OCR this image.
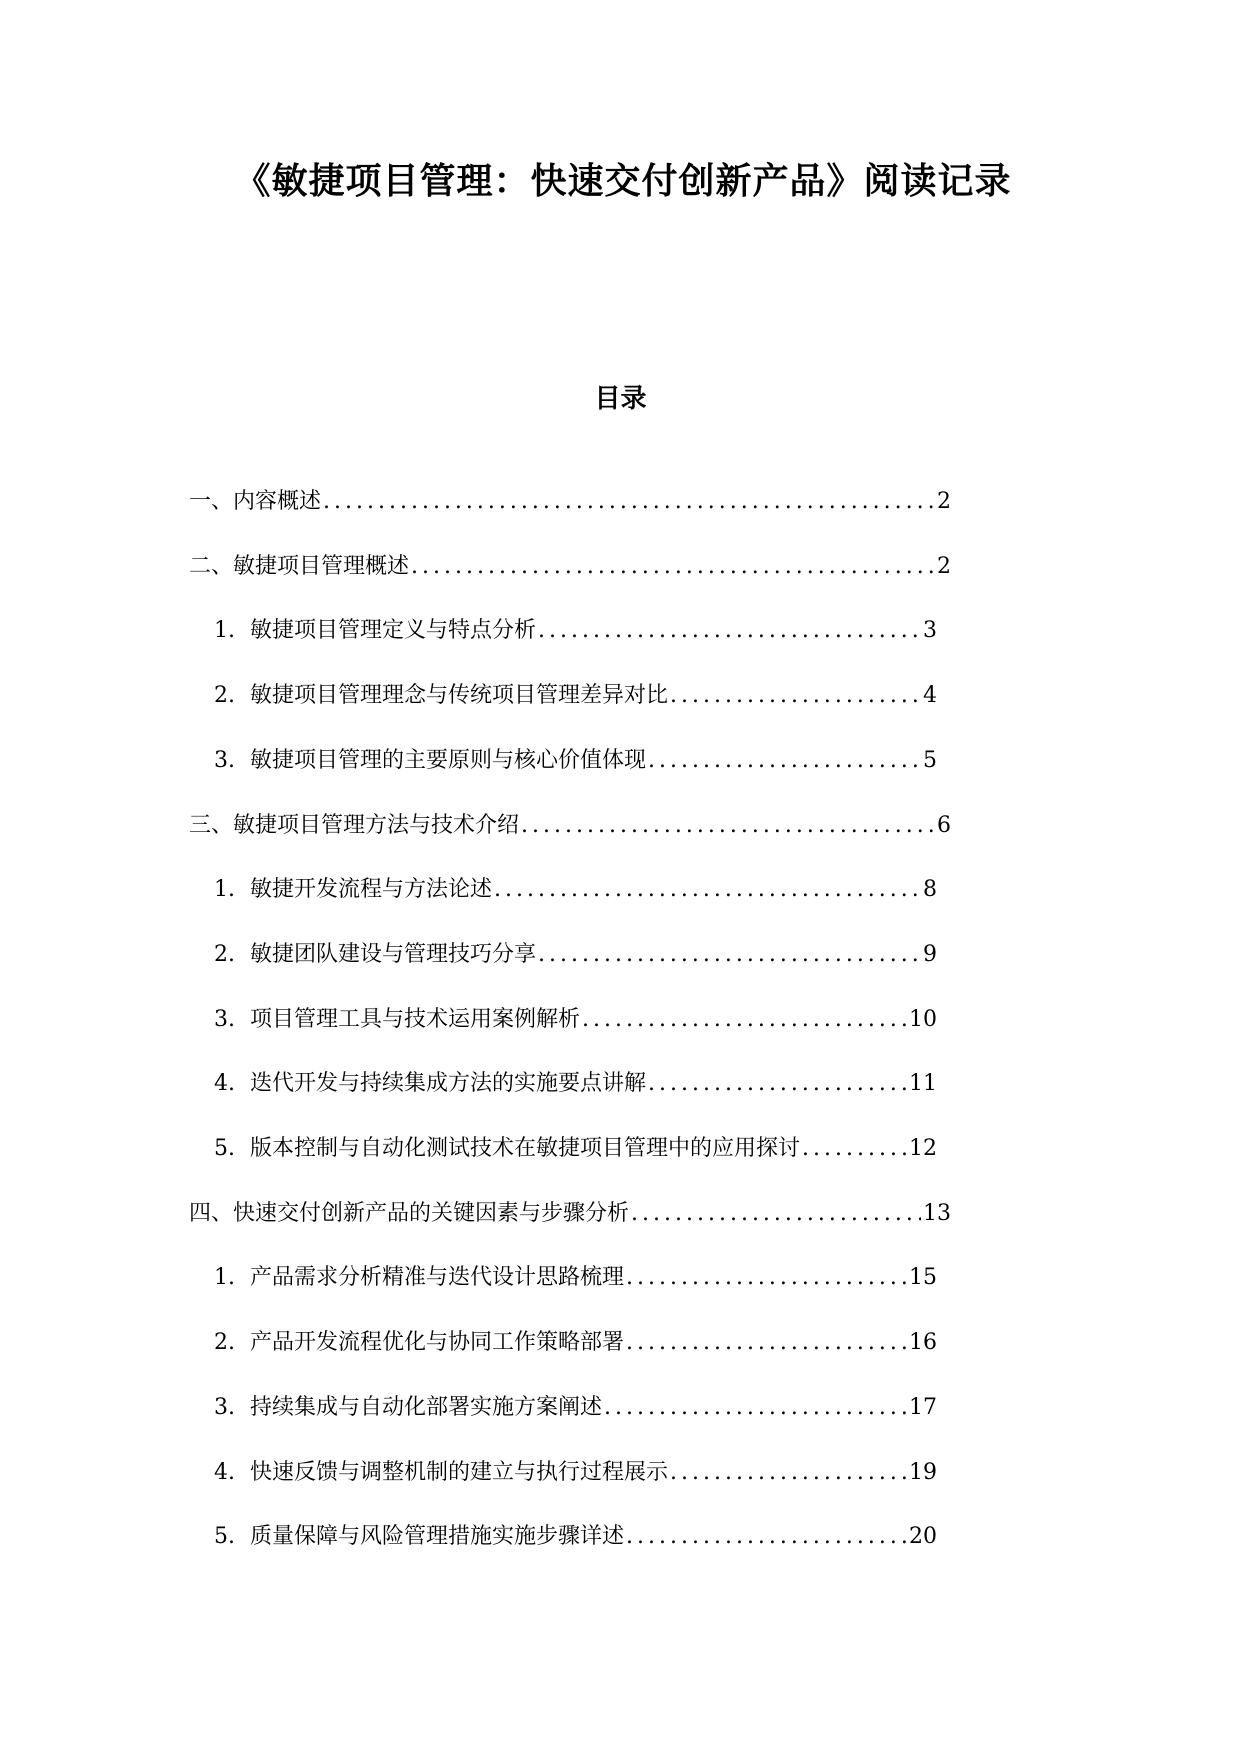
《敏捷项目管理：快速交付创新产品》阅读记录
目录
一、内容概述 .....	2
二、敏捷项目管理概述 .....	2
1. 敏捷项目管理定义与特点分析 .....	3
2. 敏捷项目管理理念与传统项目管理差异对比 .....	4
3. 敏捷项目管理的主要原则与核心价值体现 .....	5
三、敏捷项目管理方法与技术介绍 .....	6
1. 敏捷开发流程与方法论述 .....	8
2. 敏捷团队建设与管理技巧分享 .....	9
3. 项目管理工具与技术运用案例解析 .....	10
4. 迭代开发与持续集成方法的实施要点讲解 .....	11
5. 版本控制与自动化测试技术在敏捷项目管理中的应用探讨 .....	12
四、快速交付创新产品的关键因素与步骤分析 .....	13
1. 产品需求分析精准与迭代设计思路梳理 .....	15
2. 产品开发流程优化与协同工作策略部署 .....	16
3. 持续集成与自动化部署实施方案阐述 .....	17
4. 快速反馈与调整机制的建立与执行过程展示 .....	19
5. 质量保障与风险管理措施实施步骤详述 .....	20
